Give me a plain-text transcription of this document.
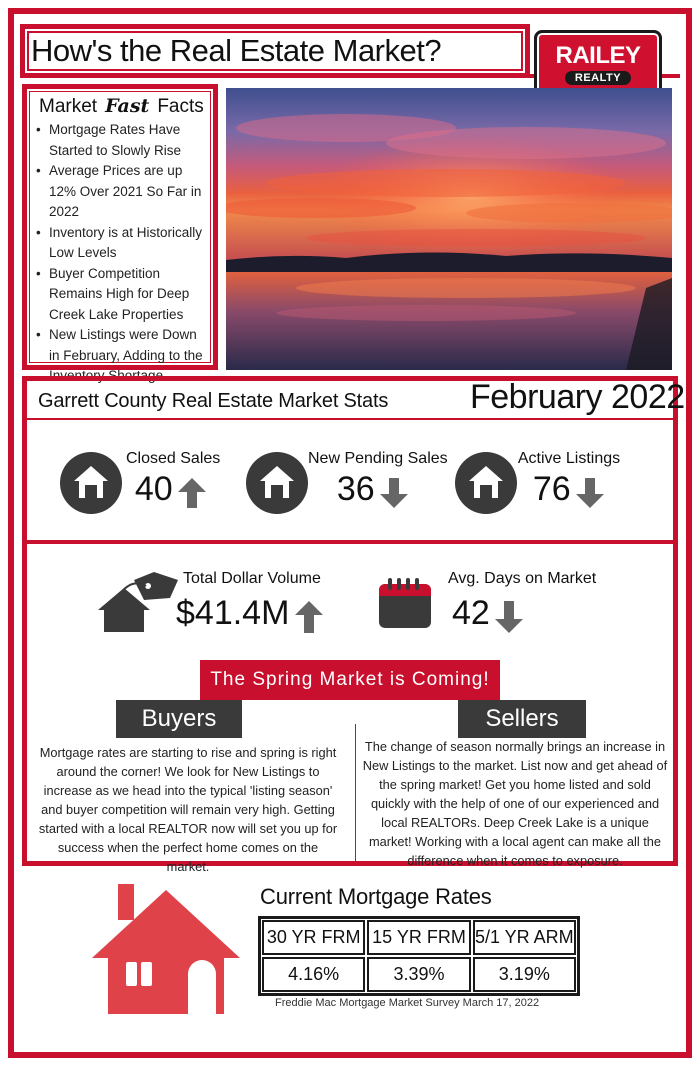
How's the Real Estate Market?	RAILEY
REALTY
Market Fast Facts
• Mortgage Rates Have Started to Slowly Rise
• Average Prices are up 12% Over 2021 So Far in 2022
• Inventory is at Historically Low Levels
• Buyer Competition Remains High for Deep Creek Lake Properties
• New Listings were Down in February, Adding to the Inventory Shortage
Garrett County Real Estate Market Stats February 2022
Closed Sales
40
New Pending Sales
36
Active Listings
76
Total Dollar Volume
$41.4M
Avg. Days on Market
42
The Spring Market is Coming!
Buyers	Sellers
Mortgage rates are starting to rise and spring is right around the corner! We look for New Listings to increase as we head into the typical 'listing season' and buyer competition will remain very high. Getting started with a local REALTOR now will set you up for success when the perfect home comes on the market.
The change of season normally brings an increase in New Listings to the market. List now and get ahead of the spring market! Get you home listed and sold quickly with the help of one of our experienced and local REALTORs. Deep Creek Lake is a unique market! Working with a local agent can make all the difference when it comes to exposure.
Current Mortgage Rates
30 YR FRM 15 YR FRM 5/1 YR ARM
4.16%	3.39%	3.19%
Freddie Mac Mortgage Market Survey March 17, 2022
